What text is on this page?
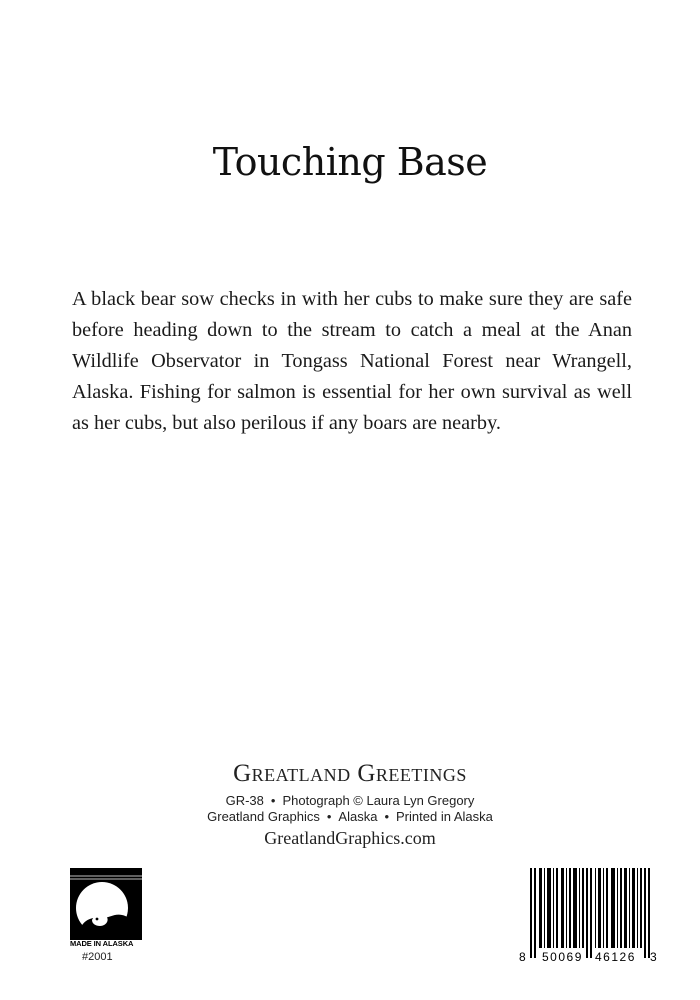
Touching Base
A black bear sow checks in with her cubs to make sure they are safe before heading down to the stream to catch a meal at the Anan Wildlife Observator in Tongass National Forest near Wrangell, Alaska. Fishing for salmon is essential for her own survival as well as her cubs, but also perilous if any boars are nearby.
Greatland Greetings
GR-38 • Photograph © Laura Lyn Gregory
Greatland Graphics • Alaska • Printed in Alaska
GreatlandGraphics.com
MADE IN ALASKA
#2001	8 50069 46126 3
